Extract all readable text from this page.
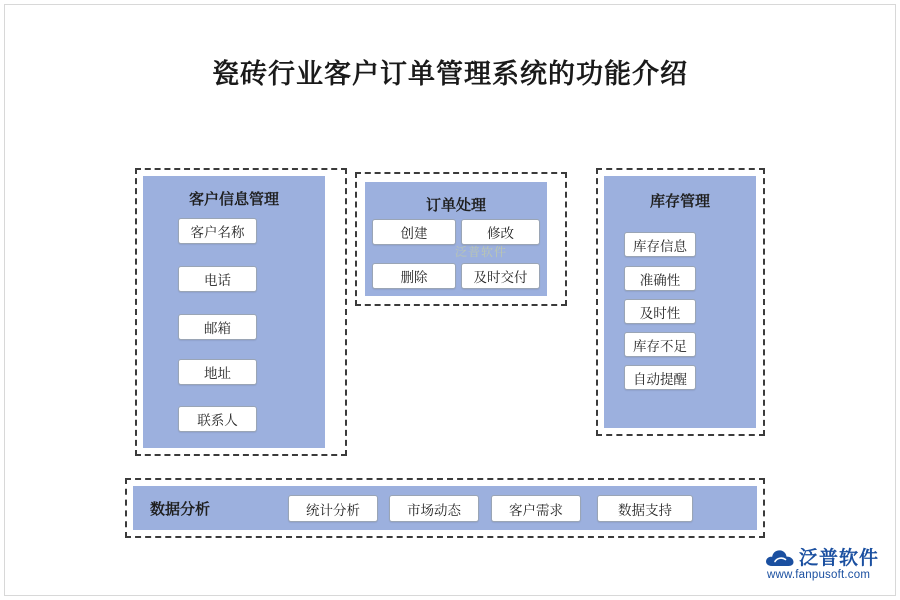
瓷砖行业客户订单管理系统的功能介绍
客户信息管理
客户名称
电话
邮箱
地址
联系人
订单处理
泛普软件
创建	修改
删除	及时交付
库存管理
库存信息
准确性
及时性
库存不足
自动提醒
数据分析	统计分析	市场动态	客户需求	数据支持
泛普软件
www.fanpusoft.com
